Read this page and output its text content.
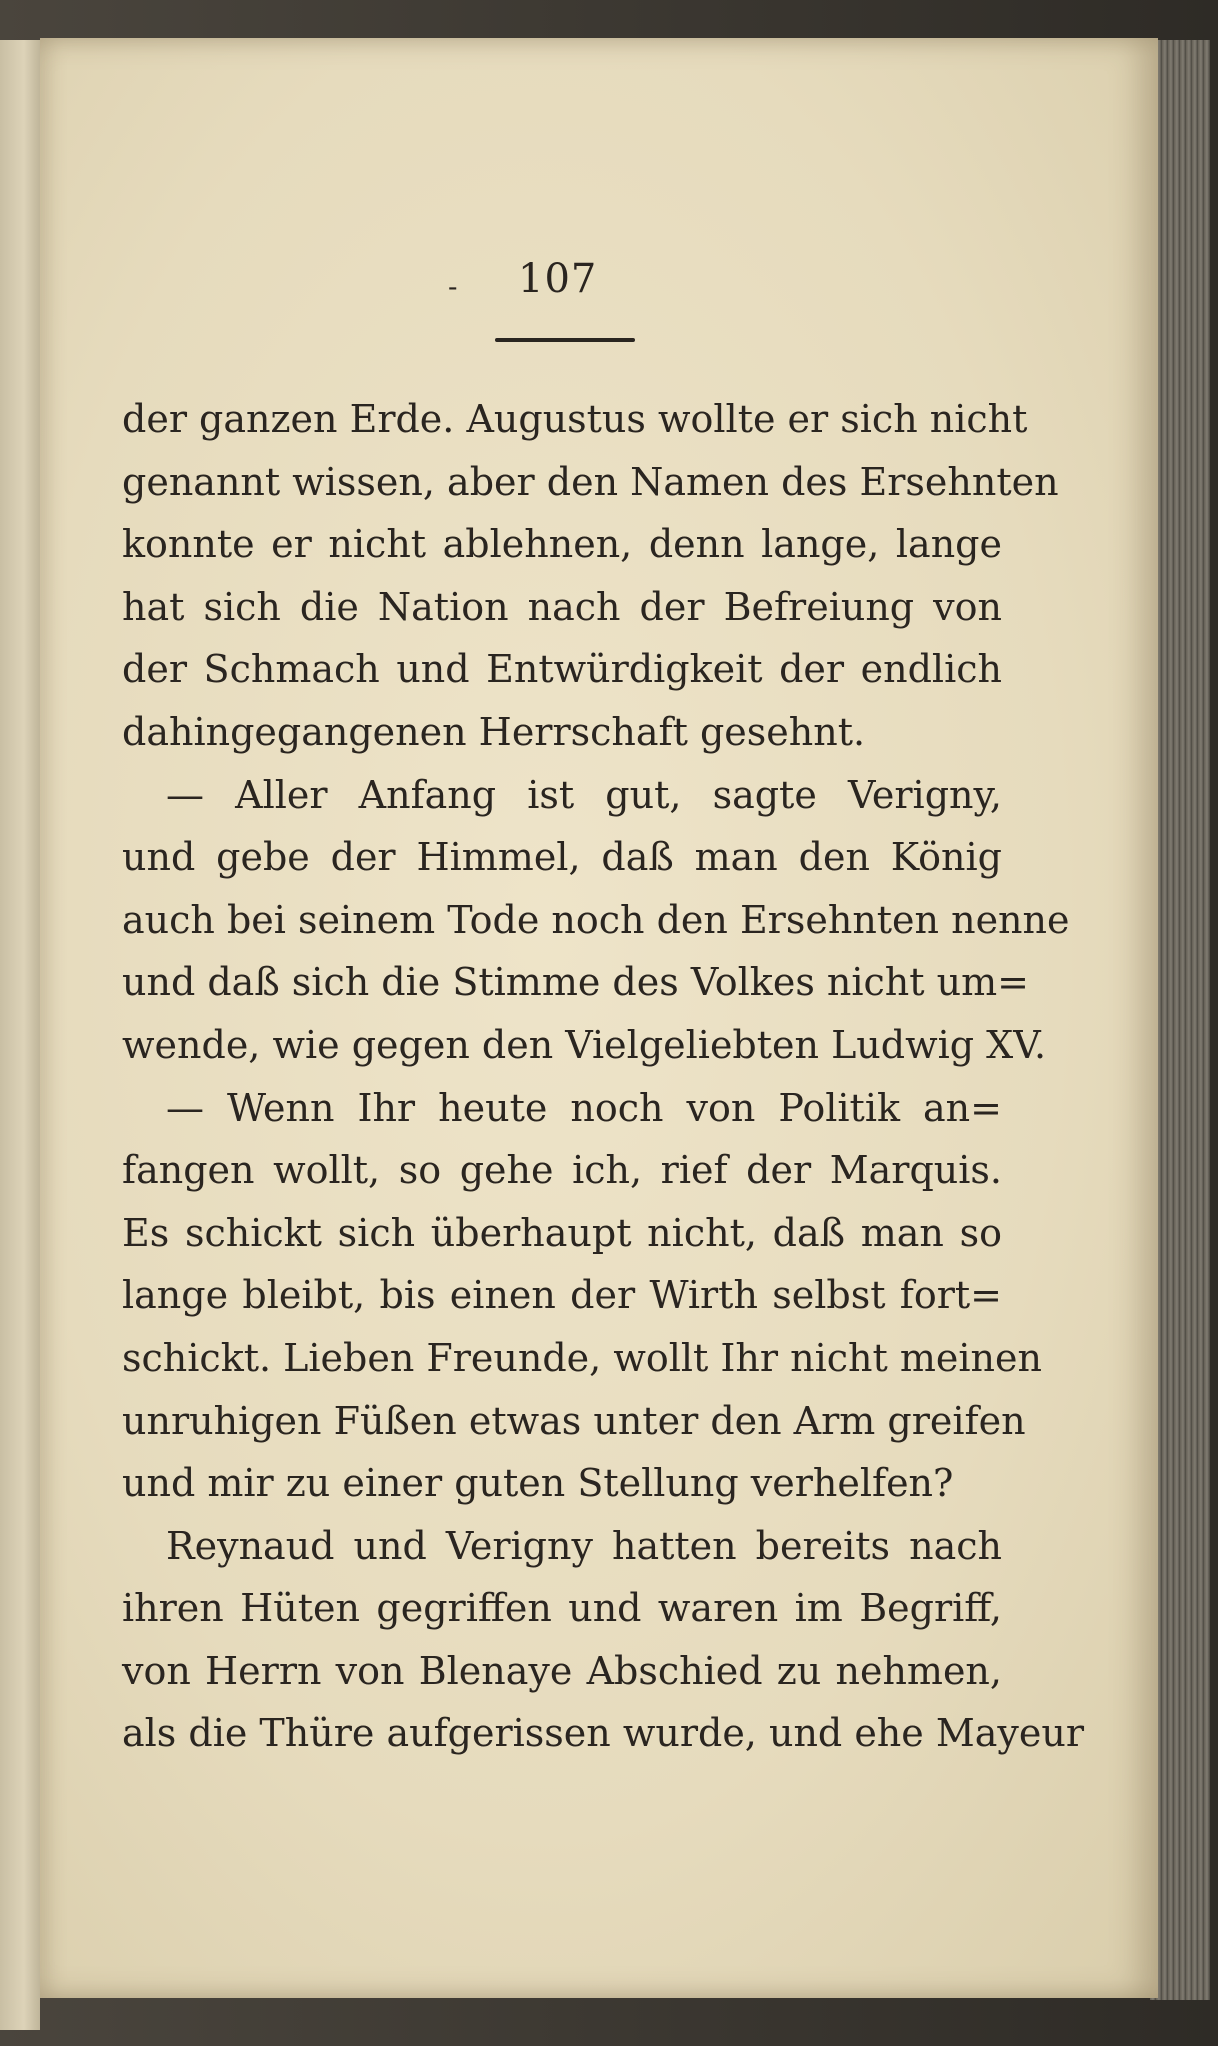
- 107
der ganzen Erde. Augustus wollte er sich nicht
genannt wissen, aber den Namen des Ersehnten
konnte er nicht ablehnen, denn lange, lange
hat sich die Nation nach der Befreiung von
der Schmach und Entwürdigkeit der endlich
dahingegangenen Herrschaft gesehnt.
— Aller Anfang ist gut, sagte Verigny,
und gebe der Himmel, daß man den König
auch bei seinem Tode noch den Ersehnten nenne
und daß sich die Stimme des Volkes nicht um=
wende, wie gegen den Vielgeliebten Ludwig XV.
— Wenn Ihr heute noch von Politik an=
fangen wollt, so gehe ich, rief der Marquis.
Es schickt sich überhaupt nicht, daß man so
lange bleibt, bis einen der Wirth selbst fort=
schickt. Lieben Freunde, wollt Ihr nicht meinen
unruhigen Füßen etwas unter den Arm greifen
und mir zu einer guten Stellung verhelfen?
Reynaud und Verigny hatten bereits nach
ihren Hüten gegriffen und waren im Begriff,
von Herrn von Blenaye Abschied zu nehmen,
als die Thüre aufgerissen wurde, und ehe Mayeur
